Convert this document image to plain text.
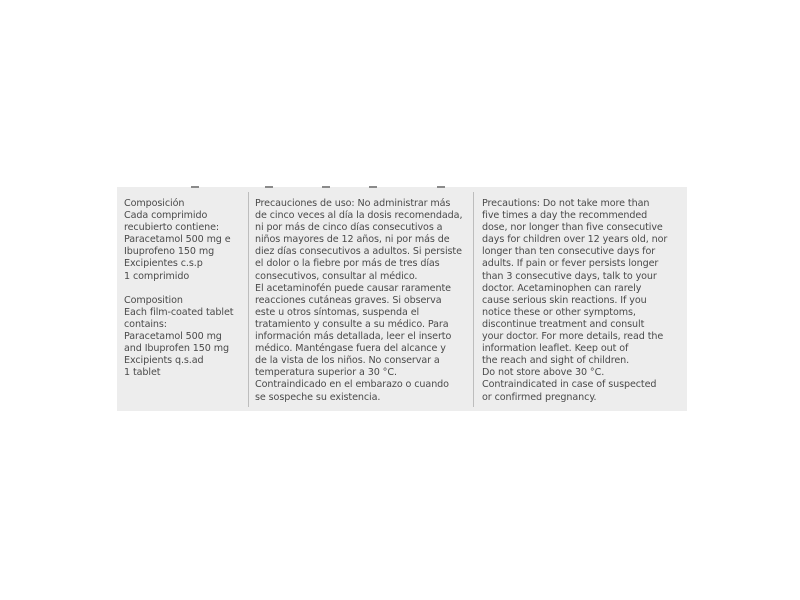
Composición
Cada comprimido
recubierto contiene:
Paracetamol 500 mg e
Ibuprofeno 150 mg
Excipientes c.s.p
1 comprimido
Composition
Each film-coated tablet
contains:
Paracetamol 500 mg
and Ibuprofen 150 mg
Excipients q.s.ad
1 tablet
Precauciones de uso: No administrar más
de cinco veces al día la dosis recomendada,
ni por más de cinco días consecutivos a
niños mayores de 12 años, ni por más de
diez días consecutivos a adultos. Si persiste
el dolor o la fiebre por más de tres días
consecutivos, consultar al médico.
El acetaminofén puede causar raramente
reacciones cutáneas graves. Si observa
este u otros síntomas, suspenda el
tratamiento y consulte a su médico. Para
información más detallada, leer el inserto
médico. Manténgase fuera del alcance y
de la vista de los niños. No conservar a
temperatura superior a 30 °C.
Contraindicado en el embarazo o cuando
se sospeche su existencia.
Precautions: Do not take more than
five times a day the recommended
dose, nor longer than five consecutive
days for children over 12 years old, nor
longer than ten consecutive days for
adults. If pain or fever persists longer
than 3 consecutive days, talk to your
doctor. Acetaminophen can rarely
cause serious skin reactions. If you
notice these or other symptoms,
discontinue treatment and consult
your doctor. For more details, read the
information leaflet. Keep out of
the reach and sight of children.
Do not store above 30 °C.
Contraindicated in case of suspected
or confirmed pregnancy.
